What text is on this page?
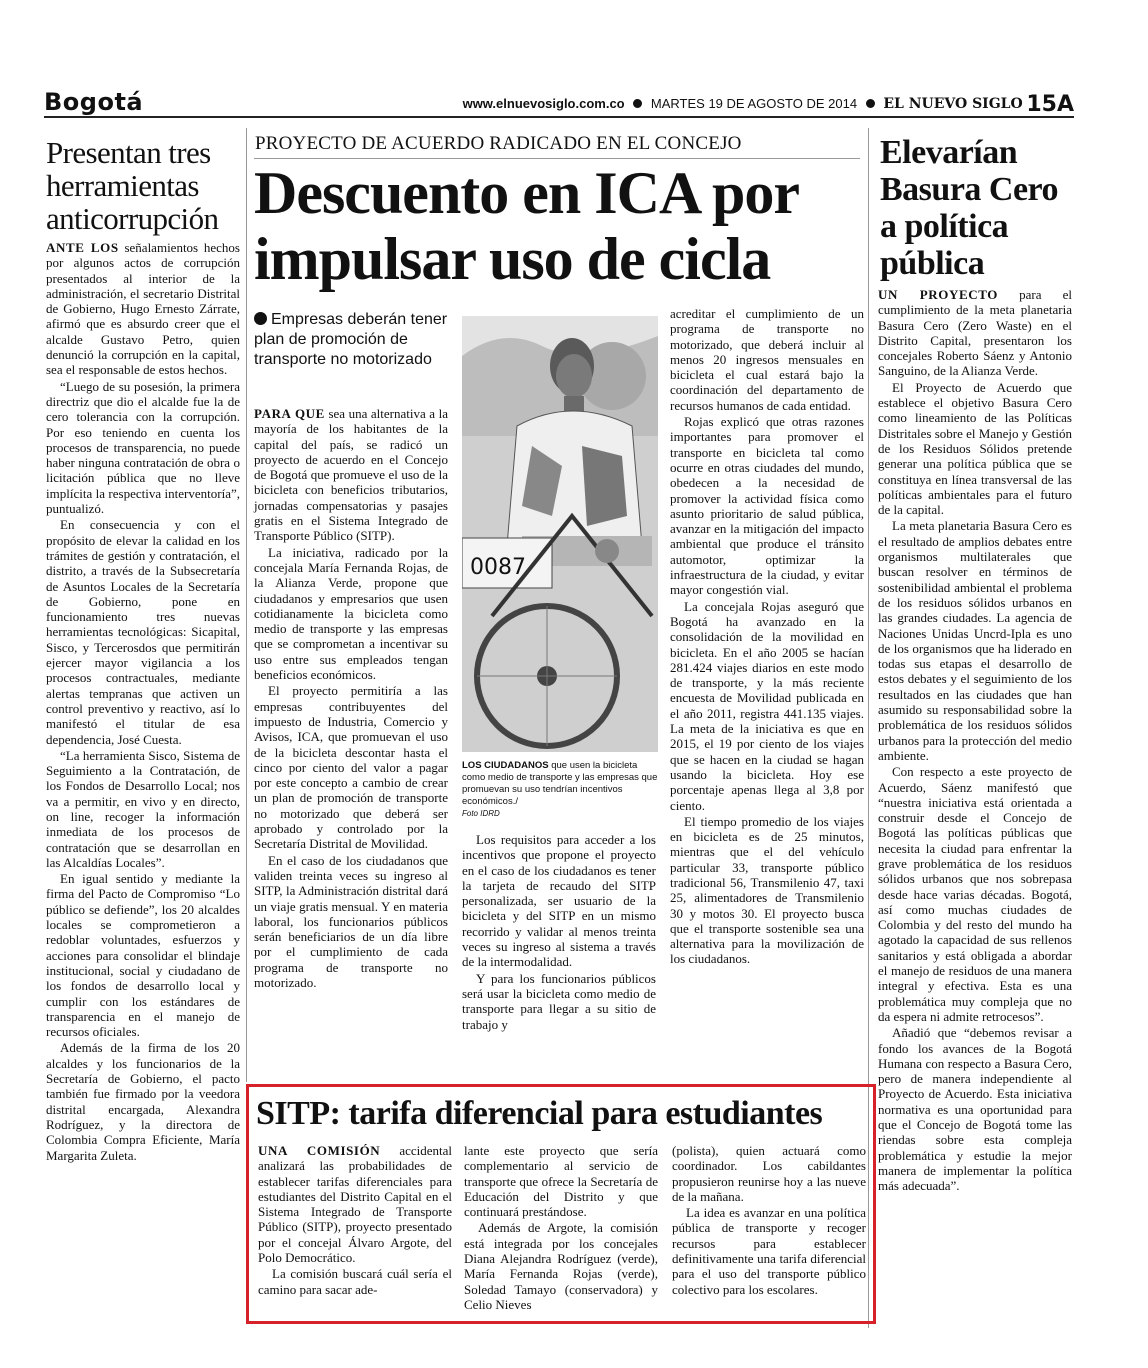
Bogotá	www.elnuevosiglo.com.co MARTES 19 DE AGOSTO DE 2014 EL NUEVO SIGLO 15A
Presentan tres herramientas anticorrupción

ANTE LOS señalamientos hechos por algunos actos de corrupción presentados al interior de la administración, el secretario Distrital de Gobierno, Hugo Ernesto Zárrate, afirmó que es absurdo creer que el alcalde Gustavo Petro, quien denunció la corrupción en la capital, sea el responsable de estos hechos.

“Luego de su posesión, la primera directriz que dio el alcalde fue la de cero tolerancia con la corrupción. Por eso teniendo en cuenta los procesos de transparencia, no puede haber ninguna contratación de obra o licitación pública que no lleve implícita la respectiva interventoría”, puntualizó.

En consecuencia y con el propósito de elevar la calidad en los trámites de gestión y contratación, el distrito, a través de la Subsecretaría de Asuntos Locales de la Secretaría de Gobierno, pone en funcionamiento tres nuevas herramientas tecnológicas: Sicapital, Sisco, y Tercerosdos que permitirán ejercer mayor vigilancia a los procesos contractuales, mediante alertas tempranas que activen un control preventivo y reactivo, así lo manifestó el titular de esa dependencia, José Cuesta.

“La herramienta Sisco, Sistema de Seguimiento a la Contratación, de los Fondos de Desarrollo Local; nos va a permitir, en vivo y en directo, on line, recoger la información inmediata de los procesos de contratación que se desarrollan en las Alcaldías Locales”.

En igual sentido y mediante la firma del Pacto de Compromiso “Lo público se defiende”, los 20 alcaldes locales se comprometieron a redoblar voluntades, esfuerzos y acciones para consolidar el blindaje institucional, social y ciudadano de los fondos de desarrollo local y cumplir con los estándares de transparencia en el manejo de recursos oficiales.

Además de la firma de los 20 alcaldes y los funcionarios de la Secretaría de Gobierno, el pacto también fue firmado por la veedora distrital encargada, Alexandra Rodríguez, y la directora de Colombia Compra Eficiente, María Margarita Zuleta.

PROYECTO DE ACUERDO RADICADO EN EL CONCEJO
Descuento en ICA por impulsar uso de cicla
Empresas deberán tener plan de promoción de transporte no motorizado

PARA QUE sea una alternativa a la mayoría de los habitantes de la capital del país, se radicó un proyecto de acuerdo en el Concejo de Bogotá que promueve el uso de la bicicleta con beneficios tributarios, jornadas compensatorias y pasajes gratis en el Sistema Integrado de Transporte Público (SITP).

La iniciativa, radicado por la concejala María Fernanda Rojas, de la Alianza Verde, propone que ciudadanos y empresarios que usen cotidianamente la bicicleta como medio de transporte y las empresas que se comprometan a incentivar su uso entre sus empleados tengan beneficios económicos.

El proyecto permitiría a las empresas contribuyentes del impuesto de Industria, Comercio y Avisos, ICA, que promuevan el uso de la bicicleta descontar hasta el cinco por ciento del valor a pagar por este concepto a cambio de crear un plan de promoción de transporte no motorizado que deberá ser aprobado y controlado por la Secretaría Distrital de Movilidad.

En el caso de los ciudadanos que validen treinta veces su ingreso al SITP, la Administración distrital dará un viaje gratis mensual. Y en materia laboral, los funcionarios públicos serán beneficiarios de un día libre por el cumplimiento de cada programa de transporte no motorizado.

0087
LOS CIUDADANOS que usen la bicicleta como medio de transporte y las empresas que promuevan su uso tendrían incentivos económicos./
Foto IDRD

Los requisitos para acceder a los incentivos que propone el proyecto en el caso de los ciudadanos es tener la tarjeta de recaudo del SITP personalizada, ser usuario de la bicicleta y del SITP en un mismo recorrido y validar al menos treinta veces su ingreso al sistema a través de la intermodalidad.

Y para los funcionarios públicos será usar la bicicleta como medio de transporte para llegar a su sitio de trabajo y

acreditar el cumplimiento de un programa de transporte no motorizado, que deberá incluir al menos 20 ingresos mensuales en bicicleta el cual estará bajo la coordinación del departamento de recursos humanos de cada entidad.

Rojas explicó que otras razones importantes para promover el transporte en bicicleta tal como ocurre en otras ciudades del mundo, obedecen a la necesidad de promover la actividad física como asunto prioritario de salud pública, avanzar en la mitigación del impacto ambiental que produce el tránsito automotor, optimizar la infraestructura de la ciudad, y evitar mayor congestión vial.

La concejala Rojas aseguró que Bogotá ha avanzado en la consolidación de la movilidad en bicicleta. En el año 2005 se hacían 281.424 viajes diarios en este modo de transporte, y la más reciente encuesta de Movilidad publicada en el año 2011, registra 441.135 viajes. La meta de la iniciativa es que en 2015, el 19 por ciento de los viajes que se hacen en la ciudad se hagan usando la bicicleta. Hoy ese porcentaje apenas llega al 3,8 por ciento.

El tiempo promedio de los viajes en bicicleta es de 25 minutos, mientras que el del vehículo particular 33, transporte público tradicional 56, Transmilenio 47, taxi 25, alimentadores de Transmilenio 30 y motos 30. El proyecto busca que el transporte sostenible sea una alternativa para la movilización de los ciudadanos.

Elevarían Basura Cero a política pública

UN PROYECTO para el cumplimiento de la meta planetaria Basura Cero (Zero Waste) en el Distrito Capital, presentaron los concejales Roberto Sáenz y Antonio Sanguino, de la Alianza Verde.

El Proyecto de Acuerdo que establece el objetivo Basura Cero como lineamiento de las Políticas Distritales sobre el Manejo y Gestión de los Residuos Sólidos pretende generar una política pública que se constituya en línea transversal de las políticas ambientales para el futuro de la capital.

La meta planetaria Basura Cero es el resultado de amplios debates entre organismos multilaterales que buscan resolver en términos de sostenibilidad ambiental el problema de los residuos sólidos urbanos en las grandes ciudades. La agencia de Naciones Unidas Uncrd-Ipla es uno de los organismos que ha liderado en todas sus etapas el desarrollo de estos debates y el seguimiento de los resultados en las ciudades que han asumido su responsabilidad sobre la problemática de los residuos sólidos urbanos para la protección del medio ambiente.

Con respecto a este proyecto de Acuerdo, Sáenz manifestó que “nuestra iniciativa está orientada a construir desde el Concejo de Bogotá las políticas públicas que necesita la ciudad para enfrentar la grave problemática de los residuos sólidos urbanos que nos sobrepasa desde hace varias décadas. Bogotá, así como muchas ciudades de Colombia y del resto del mundo ha agotado la capacidad de sus rellenos sanitarios y está obligada a abordar el manejo de residuos de una manera integral y efectiva. Esta es una problemática muy compleja que no da espera ni admite retrocesos”.

Añadió que “debemos revisar a fondo los avances de la Bogotá Humana con respecto a Basura Cero, pero de manera independiente al Proyecto de Acuerdo. Esta iniciativa normativa es una oportunidad para que el Concejo de Bogotá tome las riendas sobre esta compleja problemática y estudie la mejor manera de implementar la política más adecuada”.

SITP: tarifa diferencial para estudiantes

UNA COMISIÓN accidental analizará las probabilidades de establecer tarifas diferenciales para estudiantes del Distrito Capital en el Sistema Integrado de Transporte Público (SITP), proyecto presentado por el concejal Álvaro Argote, del Polo Democrático.

La comisión buscará cuál sería el camino para sacar ade-

lante este proyecto que sería complementario al servicio de transporte que ofrece la Secretaría de Educación del Distrito y que continuará prestándose.

Además de Argote, la comisión está integrada por los concejales Diana Alejandra Rodríguez (verde), María Fernanda Rojas (verde), Soledad Tamayo (conservadora) y Celio Nieves

(polista), quien actuará como coordinador. Los cabildantes propusieron reunirse hoy a las nueve de la mañana.

La idea es avanzar en una política pública de transporte y recoger recursos para establecer definitivamente una tarifa diferencial para el uso del transporte público colectivo para los escolares.
